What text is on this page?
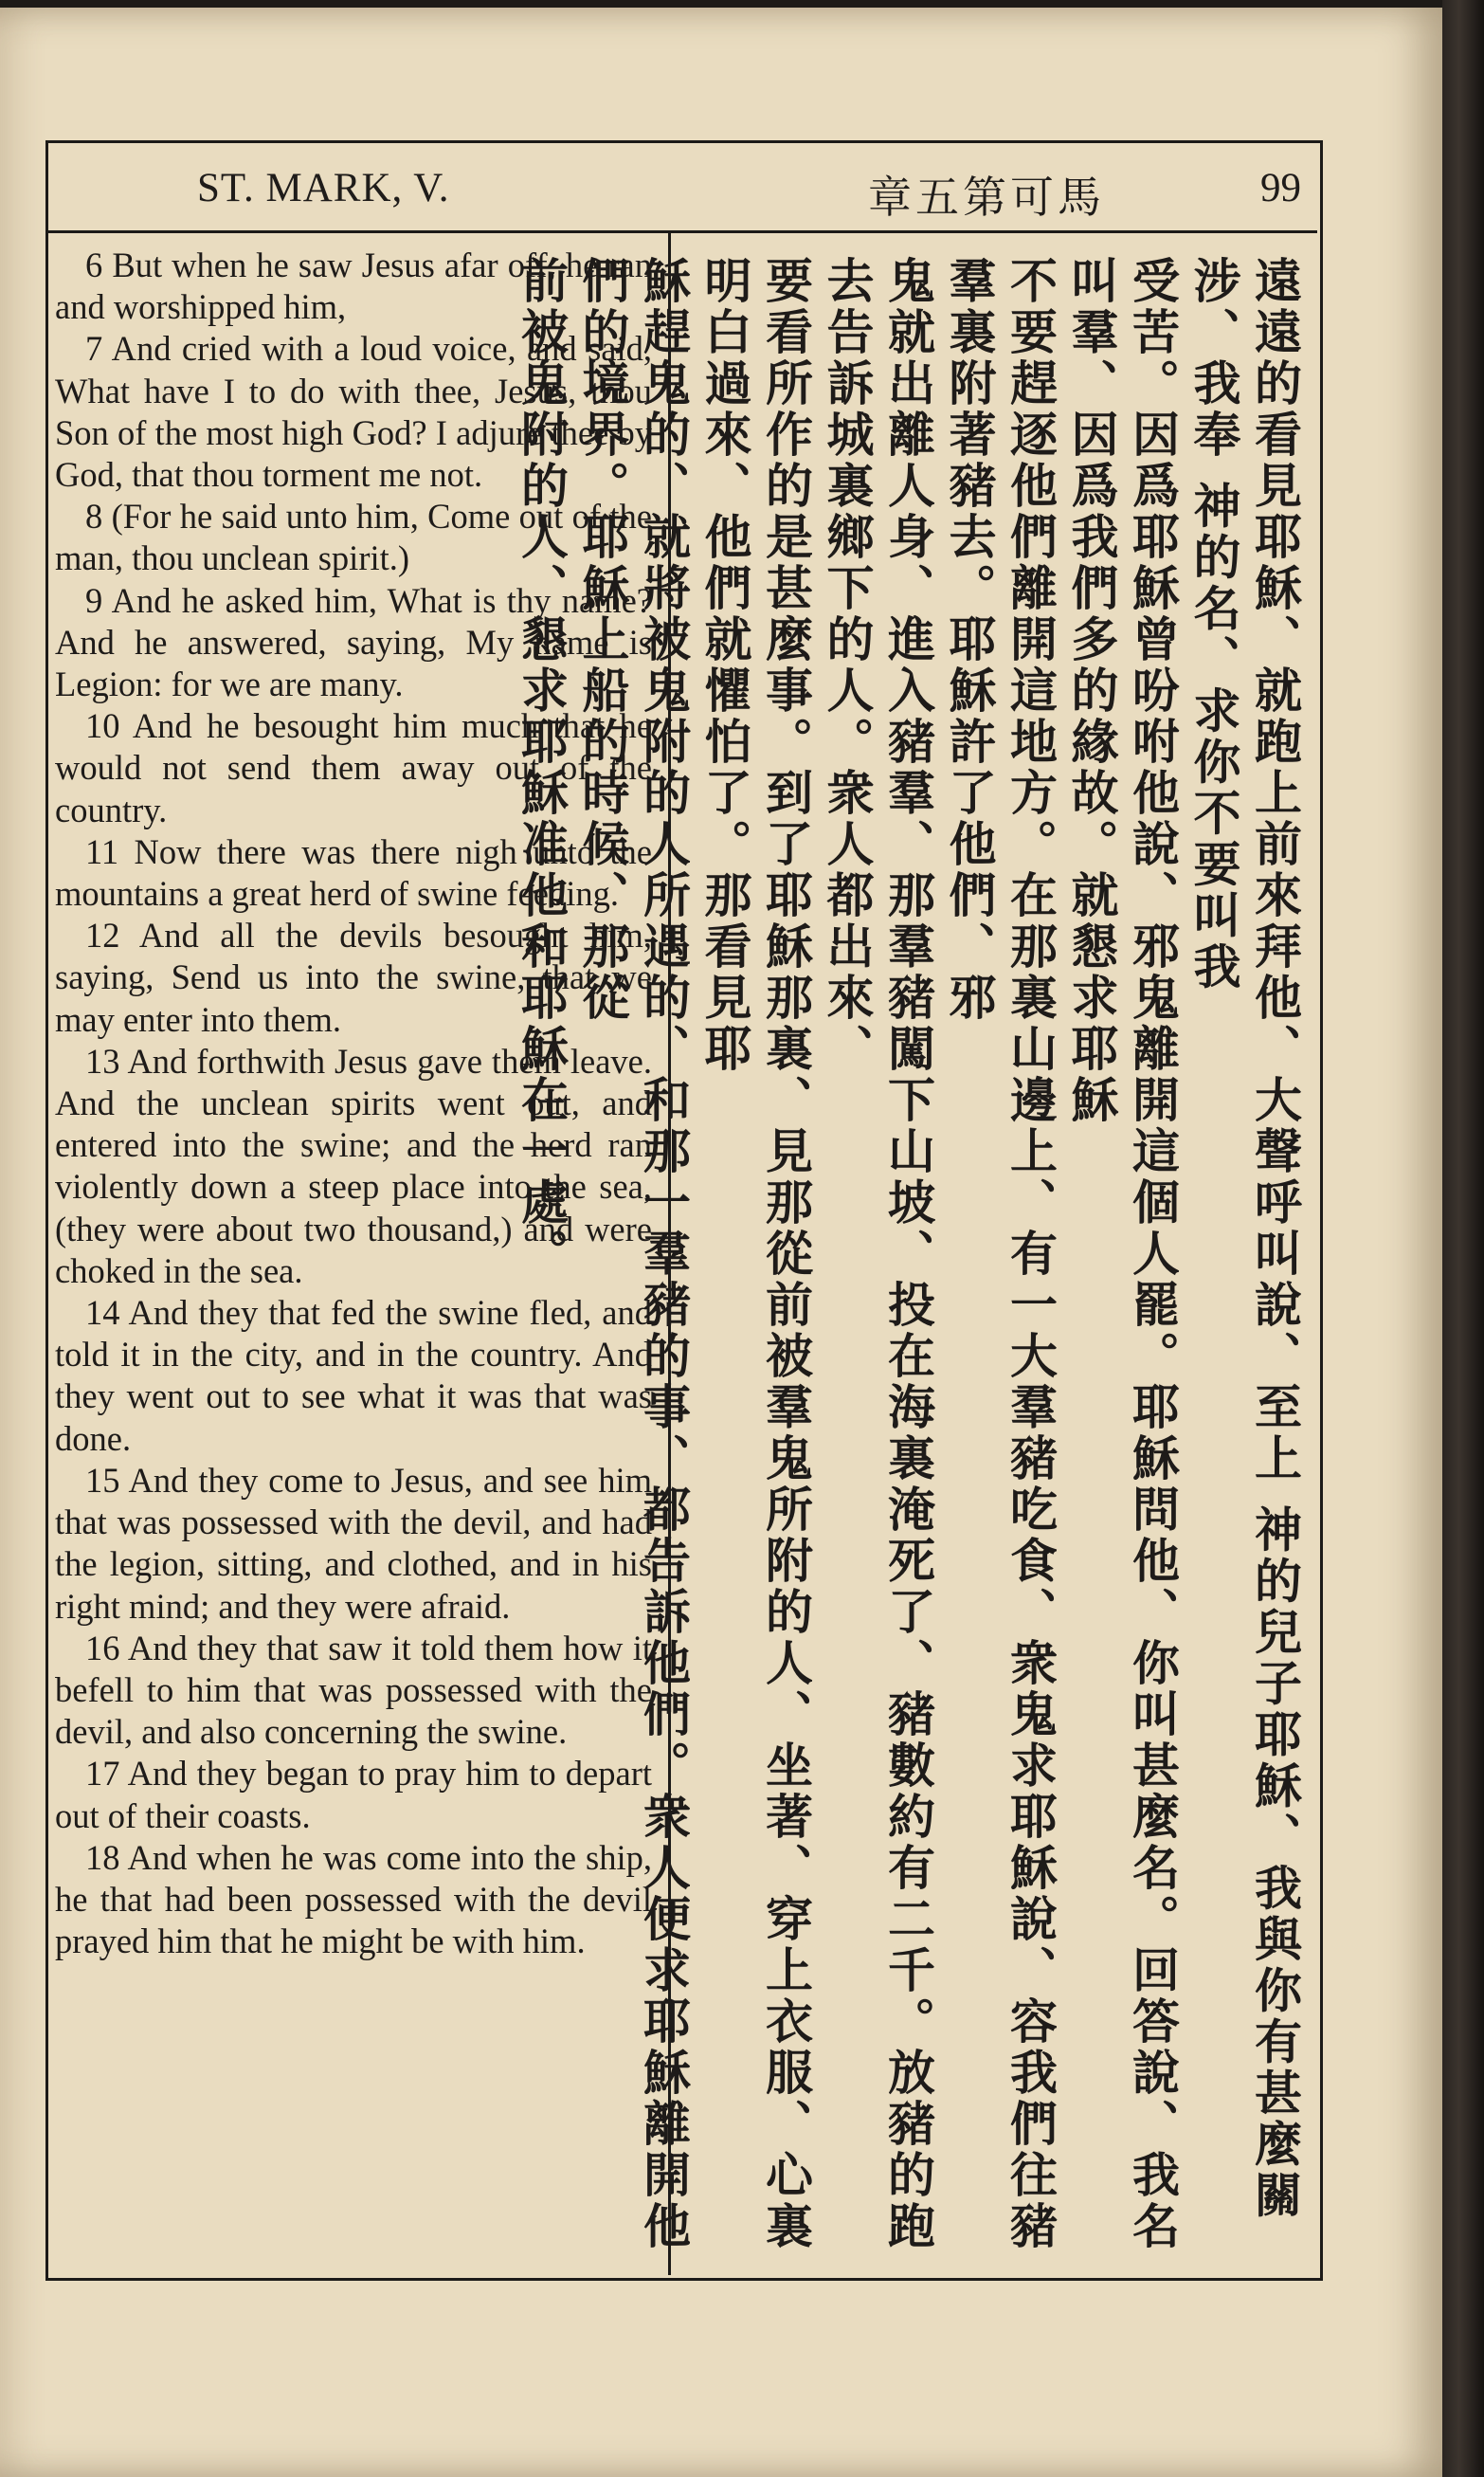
ST. MARK, V.	章五第可馬	99

6 But when he saw Jesus afar off, he ran and worshipped him,

7 And cried with a loud voice, and said, What have I to do with thee, Jesus, thou Son of the most high God? I adjure thee by God, that thou torment me not.

8 (For he said unto him, Come out of the man, thou unclean spirit.)

9 And he asked him, What is thy name? And he answered, saying, My name is Legion: for we are many.

10 And he besought him much that he would not send them away out of the country.

11 Now there was there nigh unto the mountains a great herd of swine feeding.

12 And all the devils besought him, saying, Send us into the swine, that we may enter into them.

13 And forthwith Jesus gave them leave. And the unclean spirits went out, and entered into the swine; and the herd ran violently down a steep place into the sea, (they were about two thousand,) and were choked in the sea.

14 And they that fed the swine fled, and told it in the city, and in the country. And they went out to see what it was that was done.

15 And they come to Jesus, and see him that was possessed with the devil, and had the legion, sitting, and clothed, and in his right mind; and they were afraid.

16 And they that saw it told them how it befell to him that was possessed with the devil, and also concerning the swine.

17 And they began to pray him to depart out of their coasts.

18 And when he was come into the ship, he that had been possessed with the devil prayed him that he might be with him.	遠遠的看見耶穌、就跑上前來拜他、大聲呼叫說、至上 神的兒子耶穌、我與你有甚麼關涉、我奉 神的名、求你不要叫我
受苦。因爲耶穌曾吩咐他說、邪鬼離開這個人罷。耶穌問他、你叫甚麼名。回答說、我名叫羣、因爲我們多的緣故。就懇求耶穌
不要趕逐他們離開這地方。在那裏山邊上、有一大羣豬吃食、衆鬼求耶穌說、容我們往豬羣裏附著豬去。耶穌許了他們、邪
鬼就出離人身、進入豬羣、那羣豬闖下山坡、投在海裏淹死了、豬數約有二千。放豬的跑去告訴城裏鄉下的人。衆人都出來、
要看所作的是甚麼事。到了耶穌那裏、見那從前被羣鬼所附的人、坐著、穿上衣服、心裏明白過來、他們就懼怕了。那看見耶
穌趕鬼的、就將被鬼附的人所遇的、和那一羣豬的事、都告訴他們。衆人便求耶穌離開他們的境界。耶穌上船的時候、那從
前被鬼附的人、懇求耶穌准他和耶穌在一處。
